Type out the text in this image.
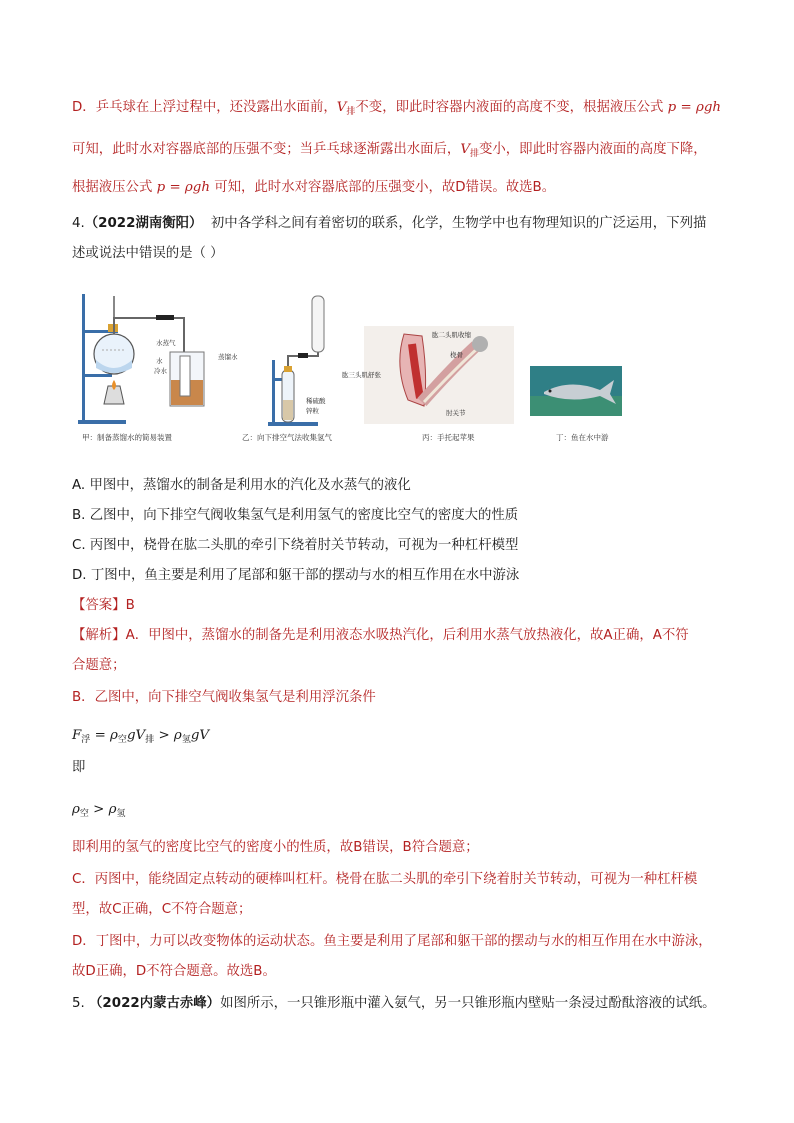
D．乒乓球在上浮过程中，还没露出水面前，$V_排$不变，即此时容器内液面的高度不变，根据液压公式 p = ρgh
可知，此时水对容器底部的压强不变；当乒乓球逐渐露出水面后，$V_排$变小，即此时容器内液面的高度下降，
根据液压公式 p = ρgh 可知，此时水对容器底部的压强变小，故D错误。故选B。
4.（2022湖南衡阳） 初中各学科之间有着密切的联系，化学，生物学中也有物理知识的广泛运用，下列描
述或说法中错误的是（ ）
水蒸气
水
冷水
蒸馏水
甲：制备蒸馏水的简易装置
稀硫酸
锌粒
乙：向下排空气法收集氢气
肱二头肌收缩
桡骨
肱三头肌舒张
肘关节
丙：手托起苹果	丁：鱼在水中游
A. 甲图中，蒸馏水的制备是利用水的汽化及水蒸气的液化
B. 乙图中，向下排空气阀收集氢气是利用氢气的密度比空气的密度大的性质
C. 丙图中，桡骨在肱二头肌的牵引下绕着肘关节转动，可视为一种杠杆模型
D. 丁图中，鱼主要是利用了尾部和躯干部的摆动与水的相互作用在水中游泳
【答案】B
【解析】A．甲图中，蒸馏水的制备先是利用液态水吸热汽化，后利用水蒸气放热液化，故A正确，A不符
合题意；
B．乙图中，向下排空气阀收集氢气是利用浮沉条件
$F_浮 = \rho_空gV_排 > \rho_氢gV$
即
$\rho_空 > \rho_氢$
即利用的氢气的密度比空气的密度小的性质，故B错误，B符合题意；
C．丙图中，能绕固定点转动的硬棒叫杠杆。桡骨在肱二头肌的牵引下绕着肘关节转动，可视为一种杠杆模
型，故C正确，C不符合题意；
D．丁图中，力可以改变物体的运动状态。鱼主要是利用了尾部和躯干部的摆动与水的相互作用在水中游泳，
故D正确，D不符合题意。故选B。
5. （2022内蒙古赤峰）如图所示，一只锥形瓶中灌入氨气，另一只锥形瓶内壁贴一条浸过酚酞溶液的试纸。
